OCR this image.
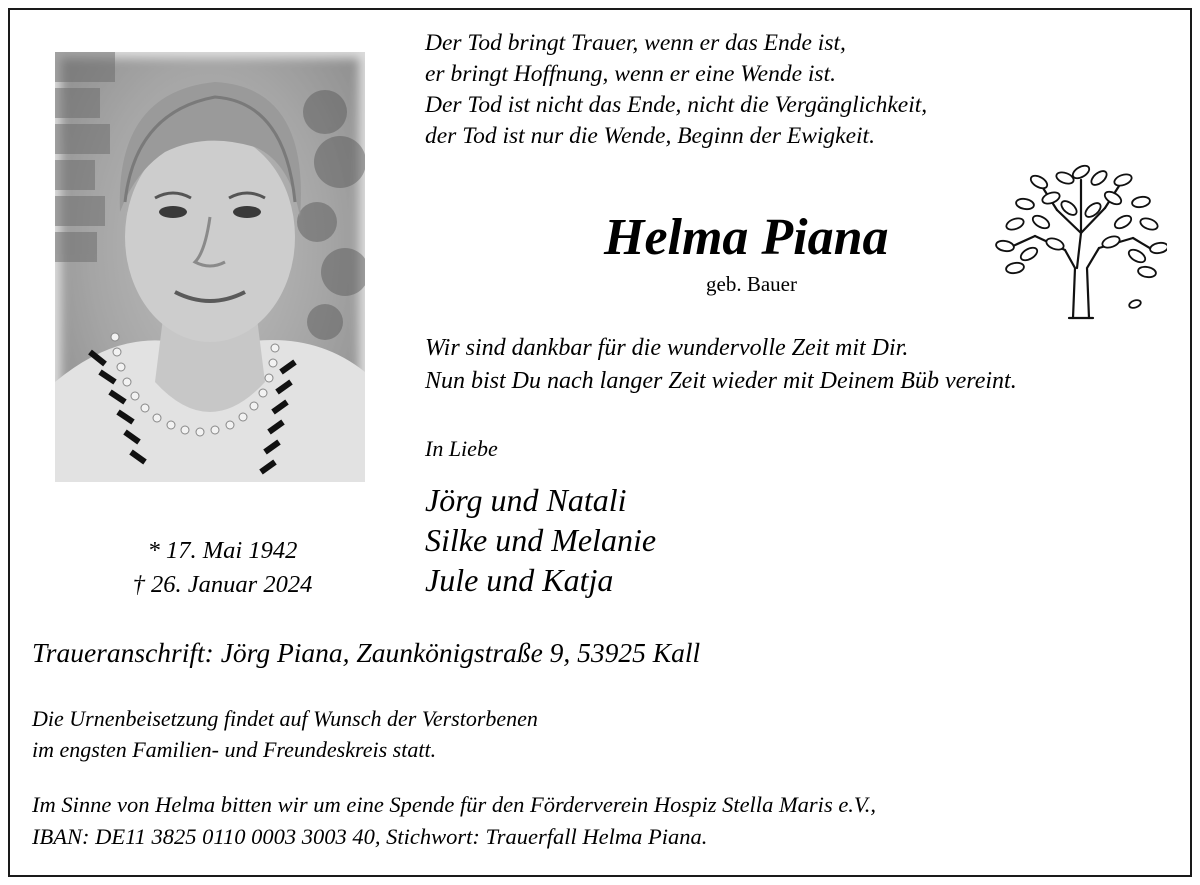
Der Tod bringt Trauer, wenn er das Ende ist,
er bringt Hoffnung, wenn er eine Wende ist.
Der Tod ist nicht das Ende, nicht die Vergänglichkeit,
der Tod ist nur die Wende, Beginn der Ewigkeit.
Helma Piana
geb. Bauer
Wir sind dankbar für die wundervolle Zeit mit Dir.
Nun bist Du nach langer Zeit wieder mit Deinem Büb vereint.
In Liebe
Jörg und Natali
Silke und Melanie
Jule und Katja
* 17. Mai 1942
† 26. Januar 2024
Traueranschrift: Jörg Piana, Zaunkönigstraße 9, 53925 Kall
Die Urnenbeisetzung findet auf Wunsch der Verstorbenen
im engsten Familien- und Freundeskreis statt.
Im Sinne von Helma bitten wir um eine Spende für den Förderverein Hospiz Stella Maris e.V.,
IBAN: DE11 3825 0110 0003 3003 40, Stichwort: Trauerfall Helma Piana.
